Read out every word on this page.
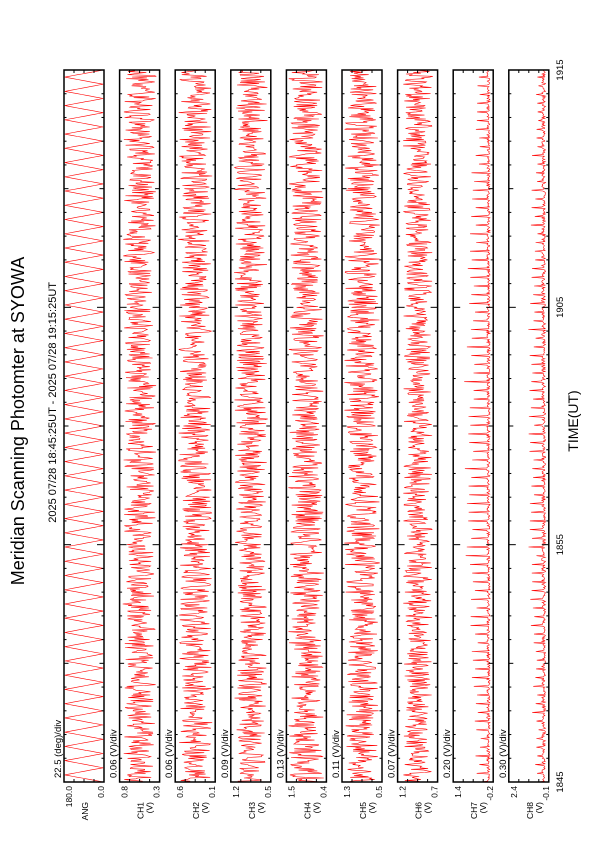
Meridian Scanning Photomter at SYOWA 2025 07/28 18:45:25UT - 2025 07/28 19:15:25UT	TIME(UT)
22.5 (deg)/div
180.0	0.0
ANG
0.06 (V)/div
0.8	0.3
CH1 (V)
0.06 (V)/div
0.6	0.1
CH2 (V)
0.09 (V)/div
1.2	0.5
CH3 (V)
0.13 (V)/div
1.5	0.4
CH4 (V)
0.11 (V)/div
1.3	0.5
CH5 (V)
0.07 (V)/div
1.2	0.7
CH6 (V)
0.20 (V)/div
1.4	-0.2
CH7 (V)
0.30 (V)/div
2.4	-0.1
CH8 (V)
1845
1855
1905
1915
